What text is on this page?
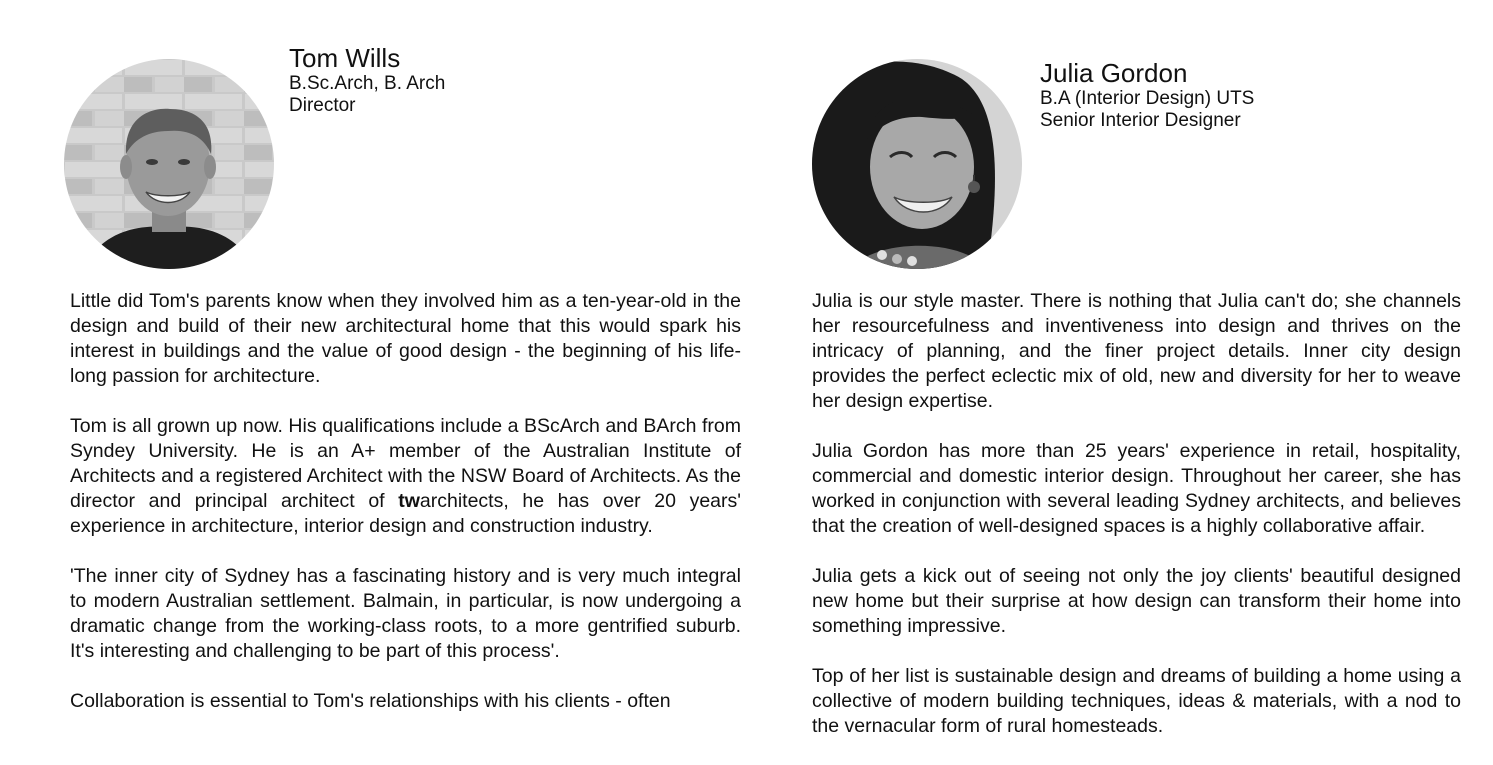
Tom Wills

B.Sc.Arch, B. Arch

Director

Little did Tom's parents know when they involved him as a ten-year-old in the design and build of their new architectural home that this would spark his interest in buildings and the value of good design - the beginning of his life-long passion for architecture.

Tom is all grown up now. His qualifications include a BScArch and BArch from Syndey University. He is an A+ member of the Australian Institute of Architects and a registered Architect with the NSW Board of Architects. As the director and principal architect of twarchitects, he has over 20 years' experience in architecture, interior design and construction industry.

'The inner city of Sydney has a fascinating history and is very much integral to modern Australian settlement. Balmain, in particular, is now undergoing a dramatic change from the working-class roots, to a more gentrified suburb. It's interesting and challenging to be part of this process'.

Collaboration is essential to Tom's relationships with his clients - often

Julia Gordon

B.A (Interior Design) UTS

Senior Interior Designer

Julia is our style master. There is nothing that Julia can't do; she channels her resourcefulness and inventiveness into design and thrives on the intricacy of planning, and the finer project details. Inner city design provides the perfect eclectic mix of old, new and diversity for her to weave her design expertise.

Julia Gordon has more than 25 years' experience in retail, hospitality, commercial and domestic interior design. Throughout her career, she has worked in conjunction with several leading Sydney architects, and believes that the creation of well-designed spaces is a highly collaborative affair.

Julia gets a kick out of seeing not only the joy clients' beautiful designed new home but their surprise at how design can transform their home into something impressive.

Top of her list is sustainable design and dreams of building a home using a collective of modern building techniques, ideas & materials, with a nod to the vernacular form of rural homesteads.
